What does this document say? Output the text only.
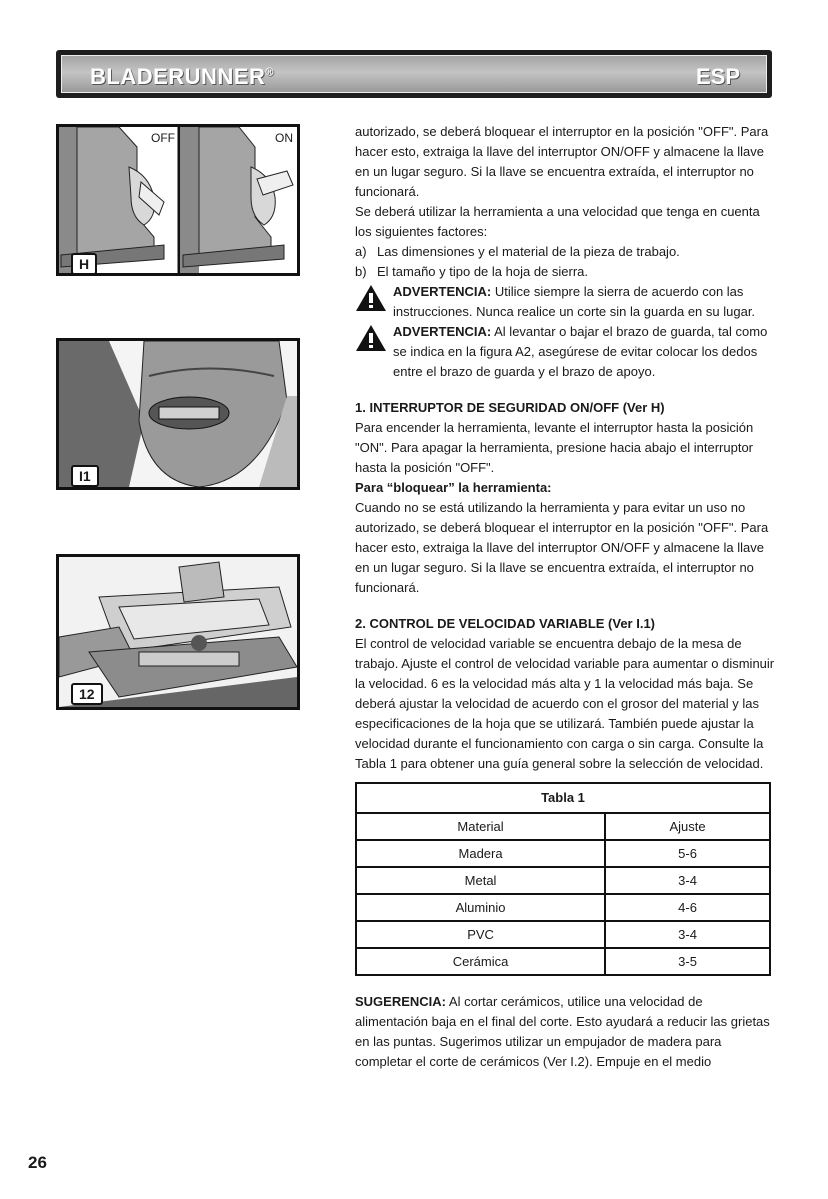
BLADERUNNER®	ESP
OFF	ON
H
I1
12

autorizado, se deberá bloquear el interruptor en la posición "OFF". Para hacer esto, extraiga la llave del interruptor ON/OFF y almacene la llave en un lugar seguro. Si la llave se encuentra extraída, el interruptor no funcionará.

Se deberá utilizar la herramienta a una velocidad que tenga en cuenta los siguientes factores:

a) Las dimensiones y el material de la pieza de trabajo.
b) El tamaño y tipo de la hoja de sierra.

ADVERTENCIA: Utilice siempre la sierra de acuerdo con las instrucciones. Nunca realice un corte sin la guarda en su lugar.

ADVERTENCIA: Al levantar o bajar el brazo de guarda, tal como se indica en la figura A2, asegúrese de evitar colocar los dedos entre el brazo de guarda y el brazo de apoyo.

1. INTERRUPTOR DE SEGURIDAD ON/OFF (Ver H)

Para encender la herramienta, levante el interruptor hasta la posición "ON". Para apagar la herramienta, presione hacia abajo el interruptor hasta la posición "OFF".

Para “bloquear” la herramienta:

Cuando no se está utilizando la herramienta y para evitar un uso no autorizado, se deberá bloquear el interruptor en la posición "OFF". Para hacer esto, extraiga la llave del interruptor ON/OFF y almacene la llave en un lugar seguro. Si la llave se encuentra extraída, el interruptor no funcionará.

2. CONTROL DE VELOCIDAD VARIABLE (Ver I.1)

El control de velocidad variable se encuentra debajo de la mesa de trabajo. Ajuste el control de velocidad variable para aumentar o disminuir la velocidad. 6 es la velocidad más alta y 1 la velocidad más baja. Se deberá ajustar la velocidad de acuerdo con el grosor del material y las especificaciones de la hoja que se utilizará. También puede ajustar la velocidad durante el funcionamiento con carga o sin carga. Consulte la Tabla 1 para obtener una guía general sobre la selección de velocidad.

Tabla 1	
Material	Ajuste
Madera	5-6
Metal	3-4
Aluminio	4-6
PVC	3-4
Cerámica	3-5

SUGERENCIA: Al cortar cerámicos, utilice una velocidad de alimentación baja en el final del corte. Esto ayudará a reducir las grietas en las puntas. Sugerimos utilizar un empujador de madera para completar el corte de cerámicos (Ver I.2). Empuje en el medio

26
